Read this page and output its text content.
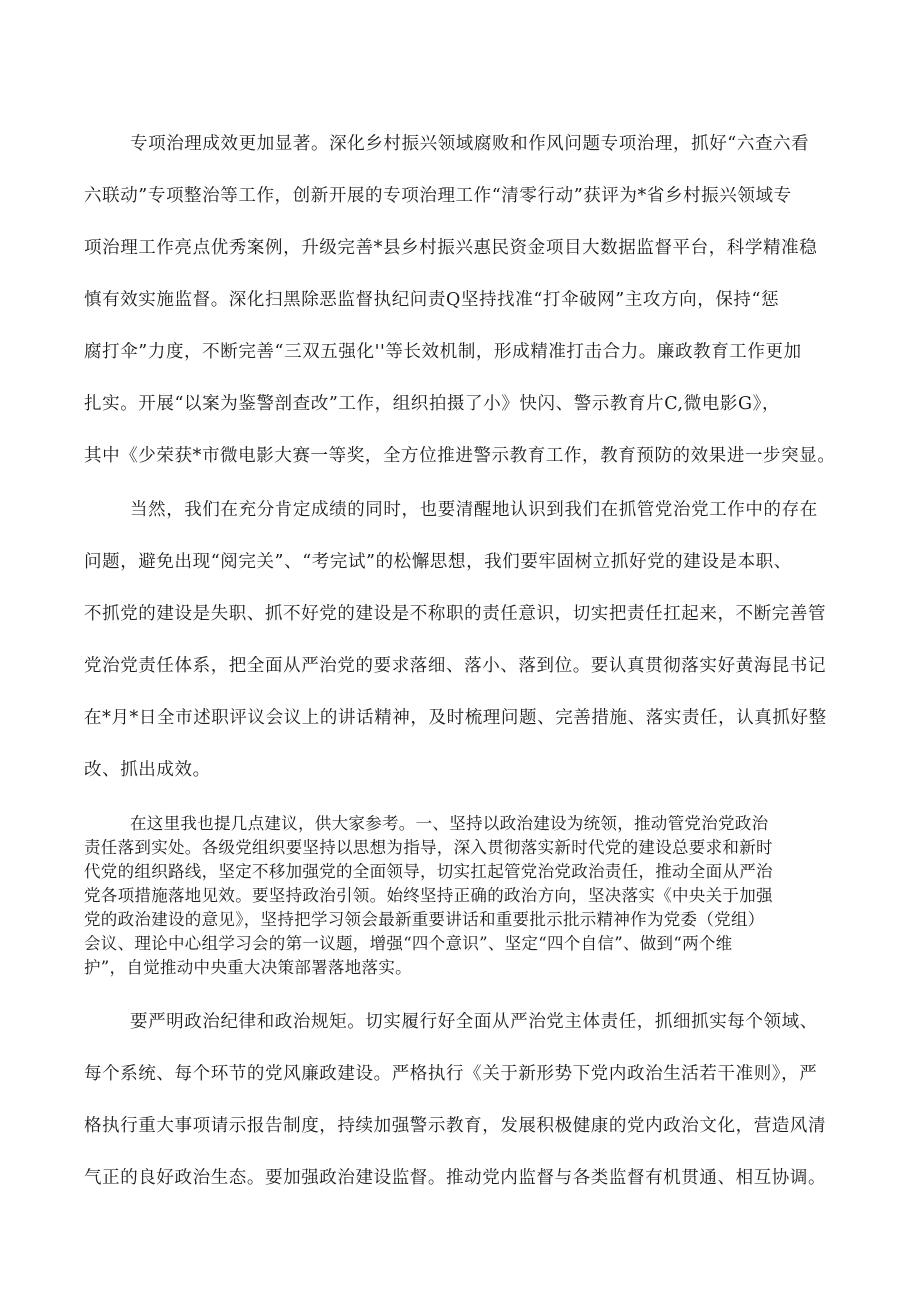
专项治理成效更加显著。深化乡村振兴领域腐败和作风问题专项治理，抓好“六查六看
六联动”专项整治等工作，创新开展的专项治理工作“清零行动”获评为*省乡村振兴领域专
项治理工作亮点优秀案例，升级完善*县乡村振兴惠民资金项目大数据监督平台，科学精准稳
慎有效实施监督。深化扫黑除恶监督执纪问责Q坚持找准“打伞破网”主攻方向，保持“惩
腐打伞”力度，不断完善“三双五强化''等长效机制，形成精准打击合力。廉政教育工作更加
扎实。开展“以案为鉴警剖查改”工作，组织拍摄了小》快闪、警示教育片C,微电影G》，
其中《少荣获*市微电影大赛一等奖，全方位推进警示教育工作，教育预防的效果进一步突显。
当然，我们在充分肯定成绩的同时，也要清醒地认识到我们在抓管党治党工作中的存在
问题，避免出现“阅完关”、“考完试”的松懈思想，我们要牢固树立抓好党的建设是本职、
不抓党的建设是失职、抓不好党的建设是不称职的责任意识，切实把责任扛起来，不断完善管
党治党责任体系，把全面从严治党的要求落细、落小、落到位。要认真贯彻落实好黄海昆书记
在*月*日全市述职评议会议上的讲话精神，及时梳理问题、完善措施、落实责任，认真抓好整
改、抓出成效。
在这里我也提几点建议，供大家参考。一、坚持以政治建设为统领，推动管党治党政治
责任落到实处。各级党组织要坚持以思想为指导，深入贯彻落实新时代党的建设总要求和新时
代党的组织路线，坚定不移加强党的全面领导，切实扛起管党治党政治责任，推动全面从严治
党各项措施落地见效。要坚持政治引领。始终坚持正确的政治方向，坚决落实《中央关于加强
党的政治建设的意见》，坚持把学习领会最新重要讲话和重要批示批示精神作为党委（党组）
会议、理论中心组学习会的第一议题，增强“四个意识”、坚定“四个自信”、做到“两个维
护”，自觉推动中央重大决策部署落地落实。
要严明政治纪律和政治规矩。切实履行好全面从严治党主体责任，抓细抓实每个领域、
每个系统、每个环节的党风廉政建设。严格执行《关于新形势下党内政治生活若干准则》，严
格执行重大事项请示报告制度，持续加强警示教育，发展积极健康的党内政治文化，营造风清
气正的良好政治生态。要加强政治建设监督。推动党内监督与各类监督有机贯通、相互协调。
